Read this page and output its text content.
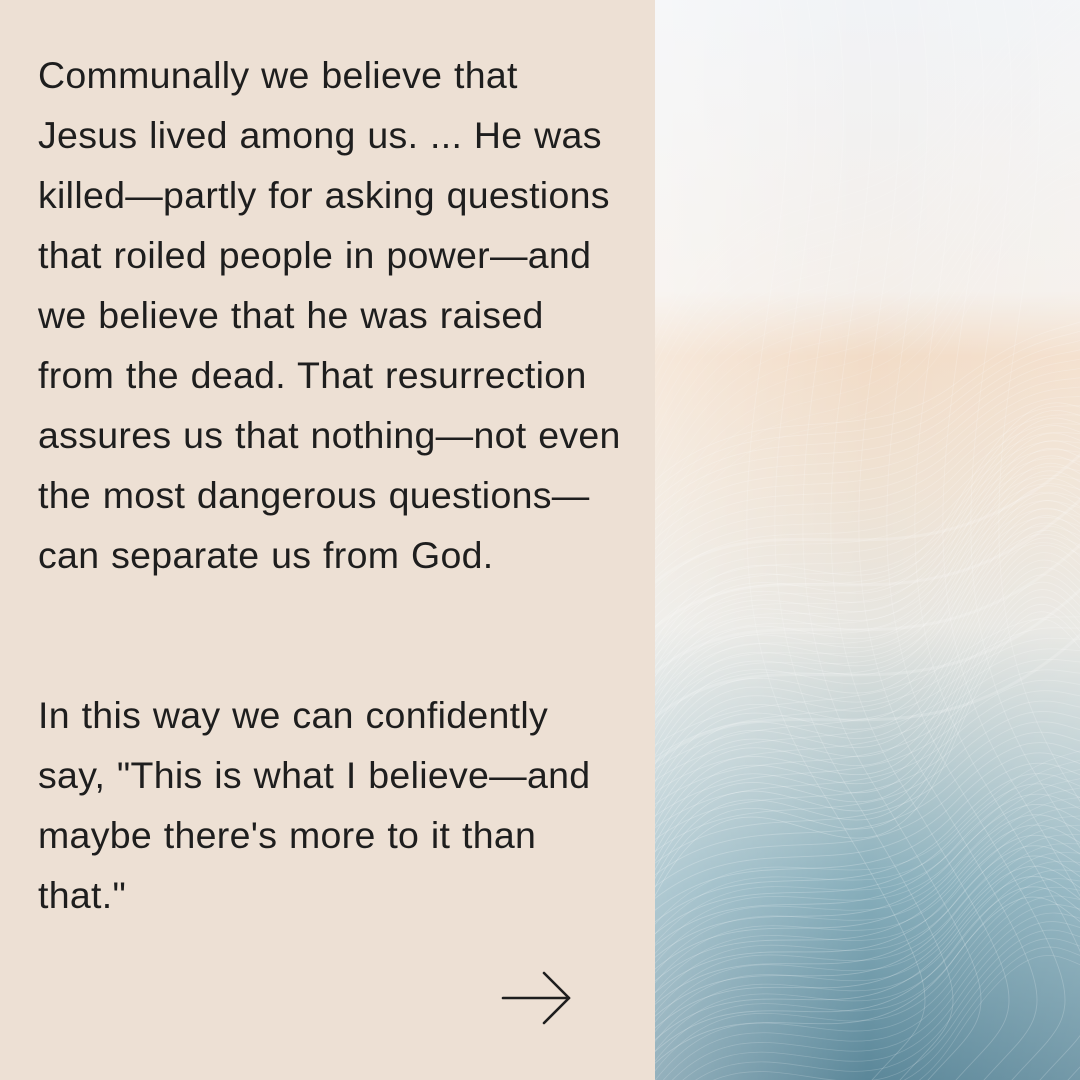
Communally we believe that Jesus lived among us. ... He was killed—partly for asking questions that roiled people in power—and we believe that he was raised from the dead. That resurrection assures us that nothing—not even the most dangerous questions—can separate us from God.

In this way we can confidently say, "This is what I believe—and maybe there's more to it than that."
